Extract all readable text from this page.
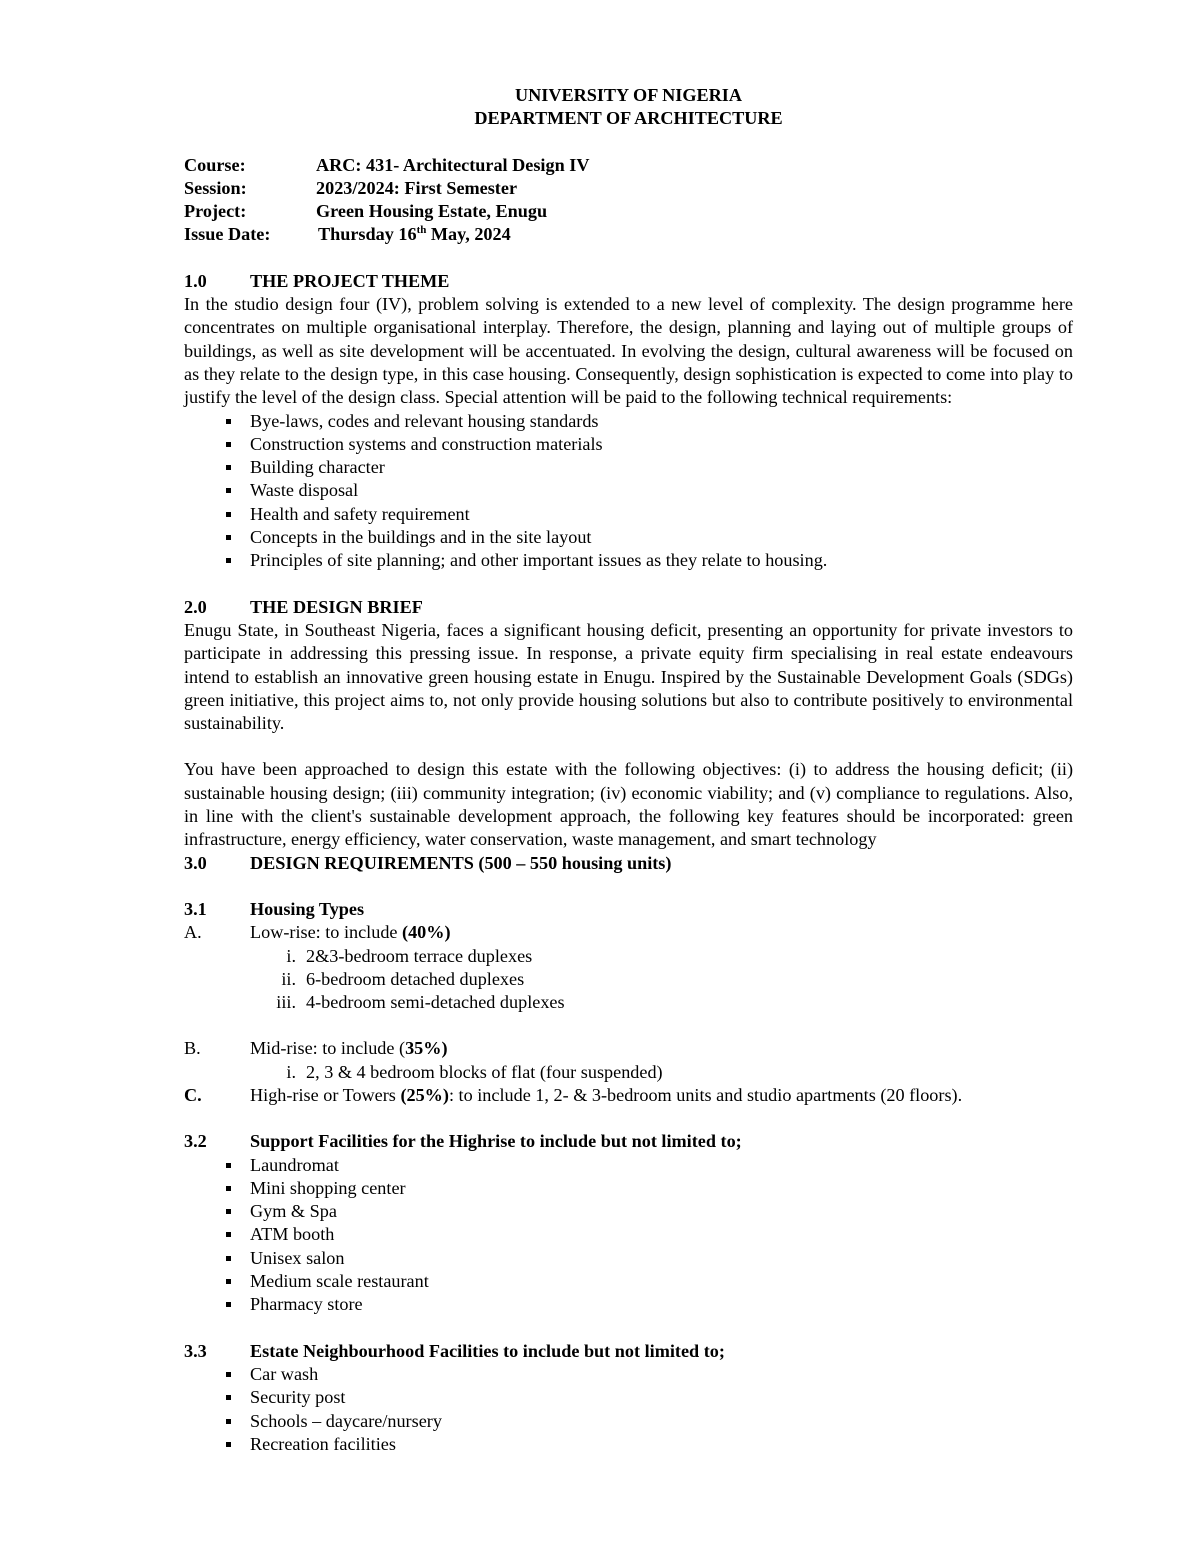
UNIVERSITY OF NIGERIA
DEPARTMENT OF ARCHITECTURE
Course:	ARC: 431- Architectural Design IV
Session:	2023/2024: First Semester
Project:	Green Housing Estate, Enugu
Issue Date:	Thursday 16th May, 2024
1.0	THE PROJECT THEME
In the studio design four (IV), problem solving is extended to a new level of complexity. The design programme here concentrates on multiple organisational interplay. Therefore, the design, planning and laying out of multiple groups of buildings, as well as site development will be accentuated. In evolving the design, cultural awareness will be focused on as they relate to the design type, in this case housing. Consequently, design sophistication is expected to come into play to justify the level of the design class. Special attention will be paid to the following technical requirements:
Bye-laws, codes and relevant housing standards
Construction systems and construction materials
Building character
Waste disposal
Health and safety requirement
Concepts in the buildings and in the site layout
Principles of site planning; and other important issues as they relate to housing.
2.0	THE DESIGN BRIEF
Enugu State, in Southeast Nigeria, faces a significant housing deficit, presenting an opportunity for private investors to participate in addressing this pressing issue. In response, a private equity firm specialising in real estate endeavours intend to establish an innovative green housing estate in Enugu. Inspired by the Sustainable Development Goals (SDGs) green initiative, this project aims to, not only provide housing solutions but also to contribute positively to environmental sustainability.
You have been approached to design this estate with the following objectives: (i) to address the housing deficit; (ii) sustainable housing design; (iii) community integration; (iv) economic viability; and (v) compliance to regulations. Also, in line with the client's sustainable development approach, the following key features should be incorporated: green infrastructure, energy efficiency, water conservation, waste management, and smart technology
3.0	DESIGN REQUIREMENTS (500 – 550 housing units)
3.1	Housing Types
A.	Low-rise: to include (40%)
i. 2&3-bedroom terrace duplexes
ii. 6-bedroom detached duplexes
iii. 4-bedroom semi-detached duplexes
B.	Mid-rise: to include (35%)
i. 2, 3 & 4 bedroom blocks of flat (four suspended)
C.	High-rise or Towers (25%): to include 1, 2- & 3-bedroom units and studio apartments (20 floors).
3.2	Support Facilities for the Highrise to include but not limited to;
Laundromat
Mini shopping center
Gym & Spa
ATM booth
Unisex salon
Medium scale restaurant
Pharmacy store
3.3	Estate Neighbourhood Facilities to include but not limited to;
Car wash
Security post
Schools – daycare/nursery
Recreation facilities
